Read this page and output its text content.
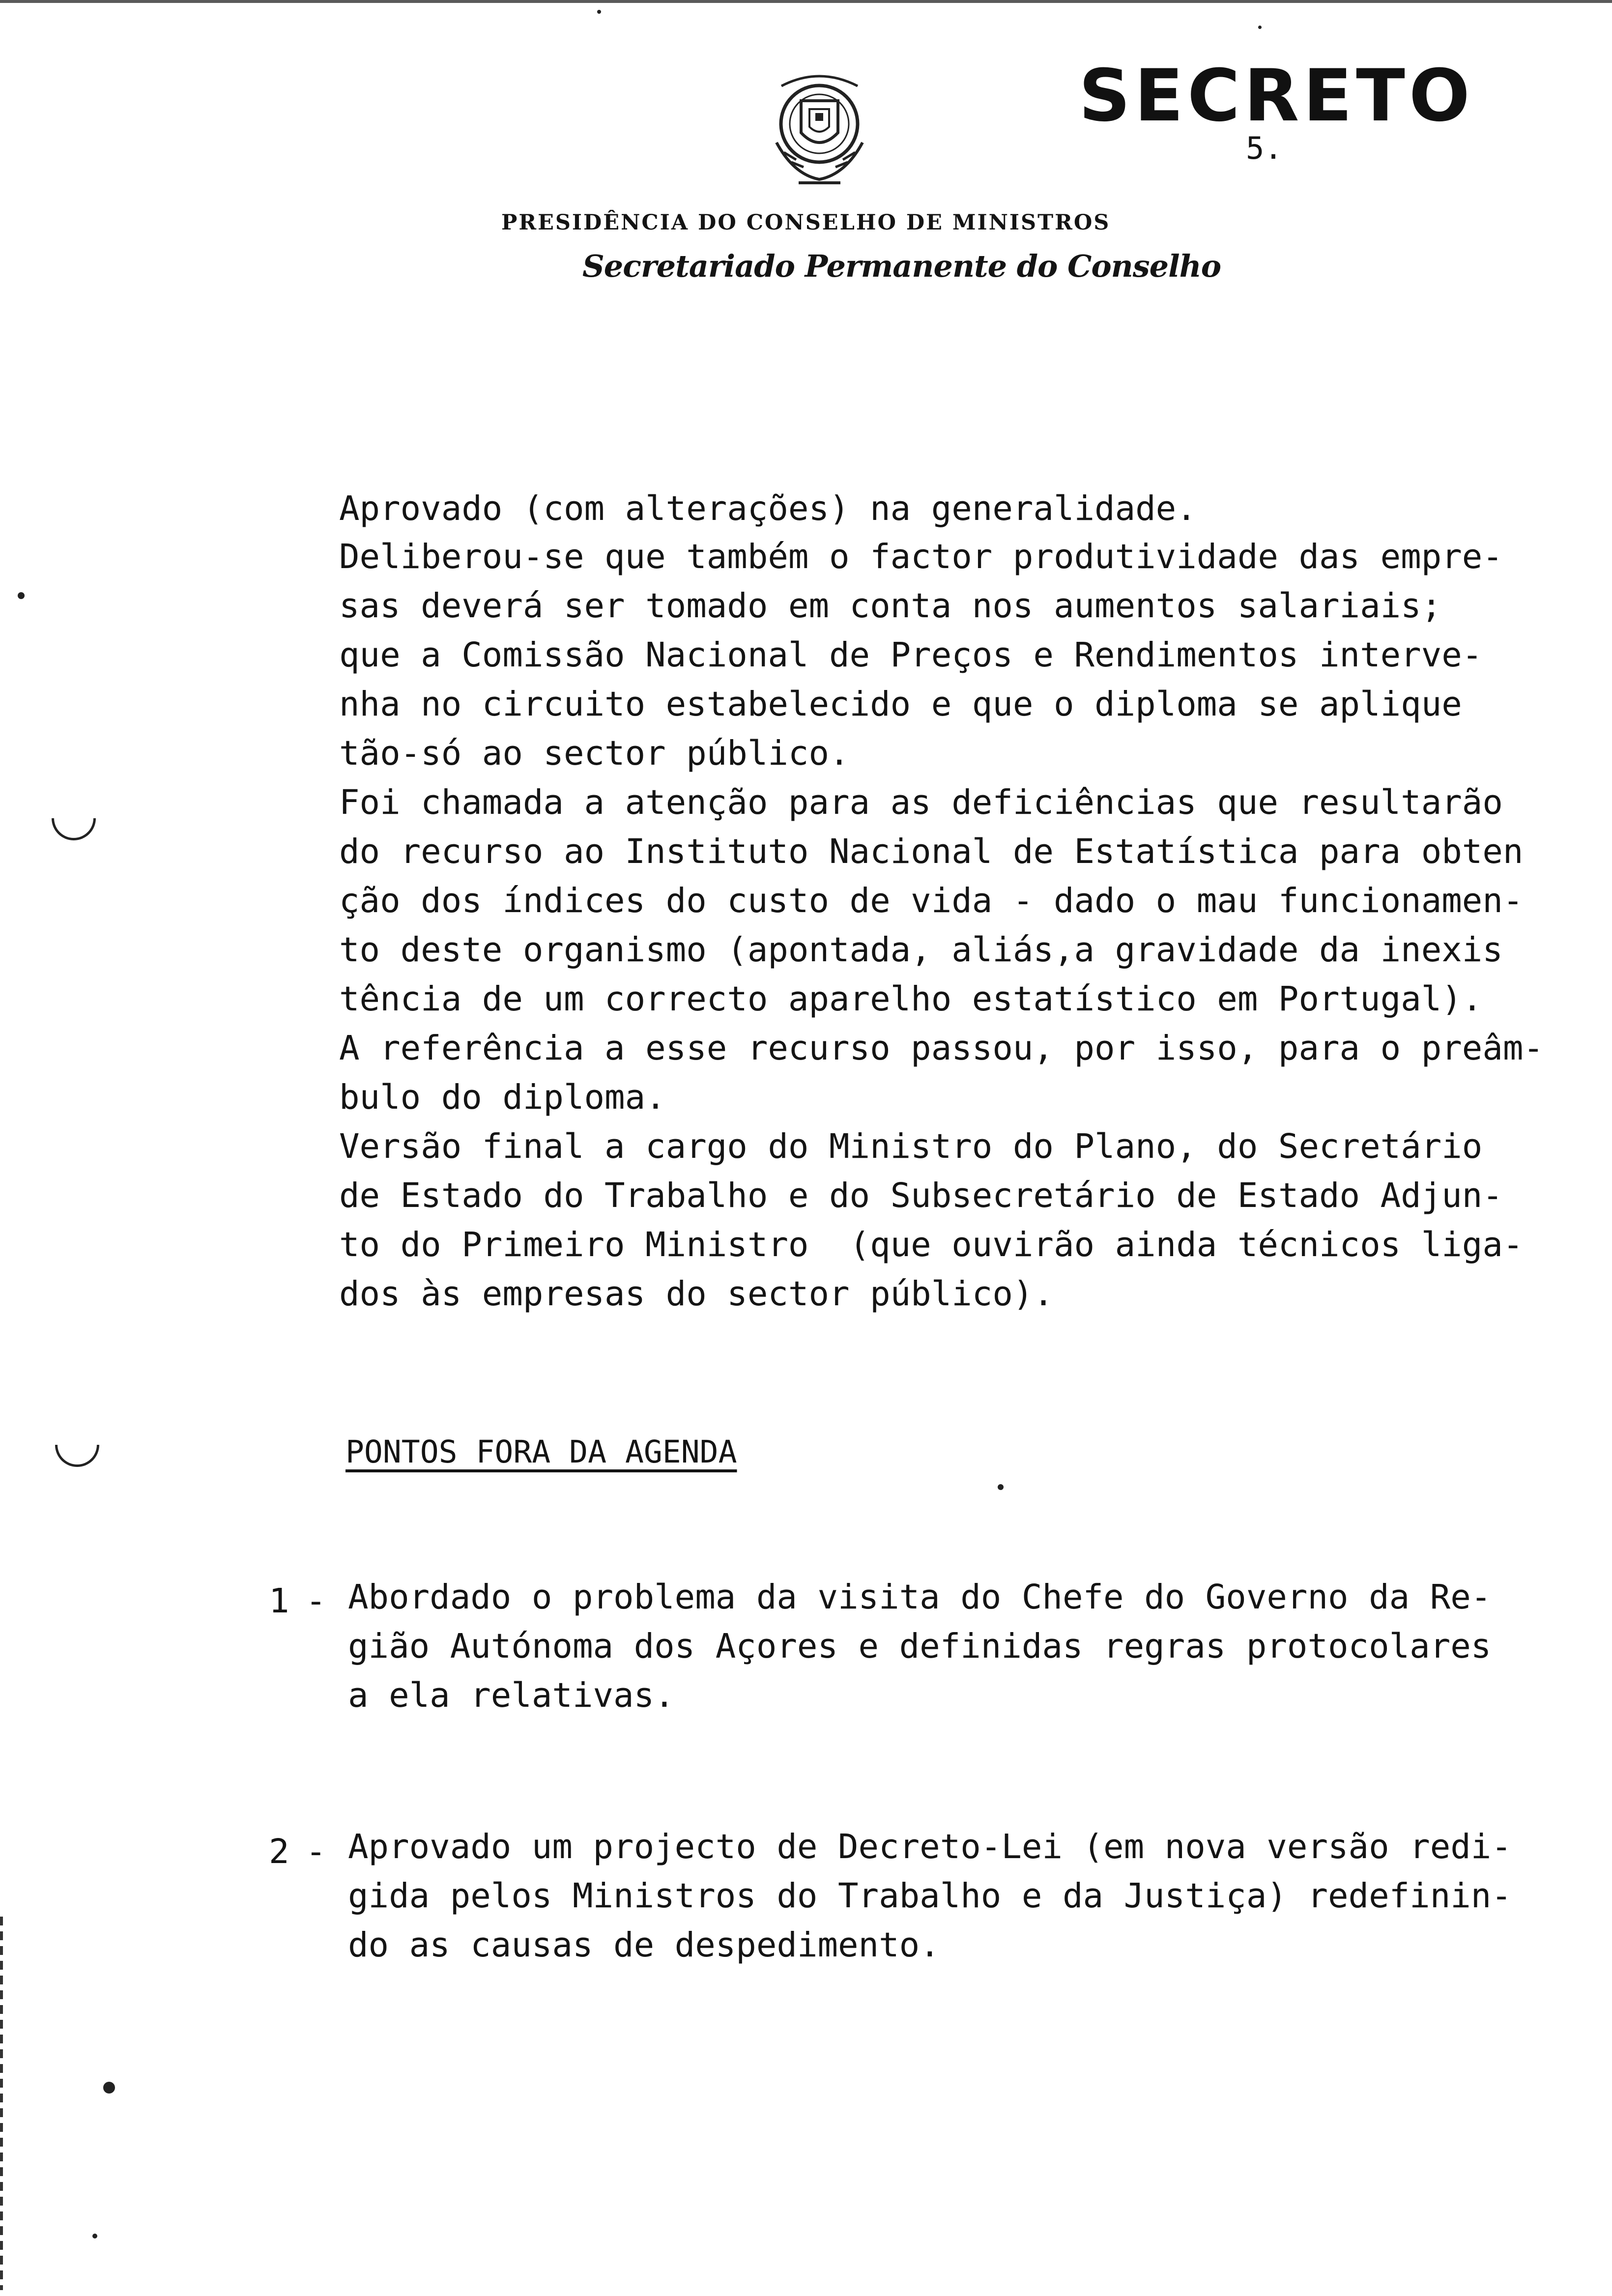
SECRETO
5.
PRESIDÊNCIA DO CONSELHO DE MINISTROS
Secretariado Permanente do Conselho
Aprovado (com alterações) na generalidade.
Deliberou-se que também o factor produtividade das empre-
sas deverá ser tomado em conta nos aumentos salariais;
que a Comissão Nacional de Preços e Rendimentos interve-
nha no circuito estabelecido e que o diploma se aplique
tão-só ao sector público.
Foi chamada a atenção para as deficiências que resultarão
do recurso ao Instituto Nacional de Estatística para obten
ção dos índices do custo de vida - dado o mau funcionamen-
to deste organismo (apontada, aliás,a gravidade da inexis
tência de um correcto aparelho estatístico em Portugal).
A referência a esse recurso passou, por isso, para o preâm-
bulo do diploma.
Versão final a cargo do Ministro do Plano, do Secretário
de Estado do Trabalho e do Subsecretário de Estado Adjun-
to do Primeiro Ministro  (que ouvirão ainda técnicos liga-
dos às empresas do sector público).
PONTOS FORA DA AGENDA
1 - Abordado o problema da visita do Chefe do Governo da Re-
gião Autónoma dos Açores e definidas regras protocolares
a ela relativas.
2 - Aprovado um projecto de Decreto-Lei (em nova versão redi-
gida pelos Ministros do Trabalho e da Justiça) redefinin-
do as causas de despedimento.
